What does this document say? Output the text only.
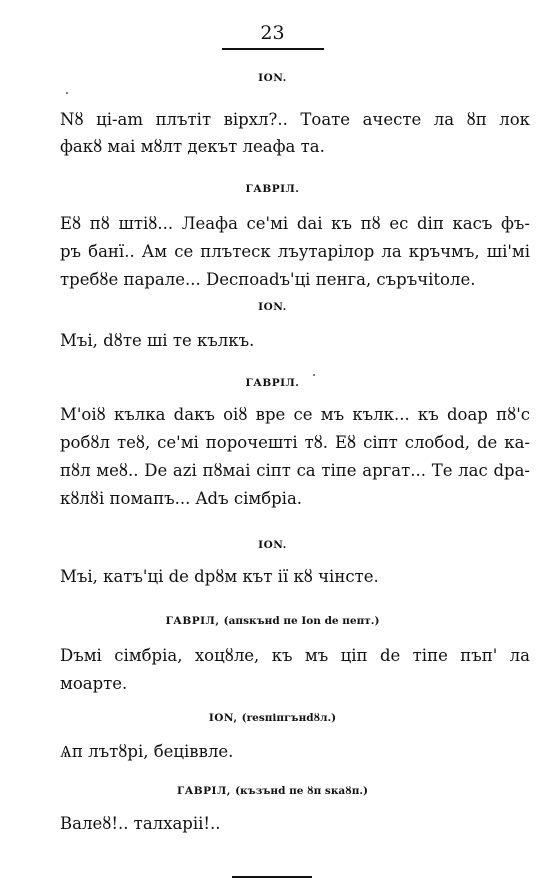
23
ION.
Nȣ ці-am плътіт вірхл?.. Тоате ачесте ла ȣп лок
факȣ маі мȣлт декът леафа та.
ГАВРІЛ.
Еȣ пȣ штіȣ... Леафа се'мі daі къ пȣ ес dіп касъ фъ-
ръ банї.. Ам се плътеск лъутарілор ла кръчмъ, ші'мі
требȣе парале... Dеспоаdъ'ці пенга, съръчіtоле.
ION.
Мъі, dȣте ші те кълкъ.
ГАВРІЛ.
M'oiȣ кълка dакъ оiȣ вре се мъ кълк... къ dоар пȣ'с
робȣл теȣ, се'мі порочешті тȣ. Еȣ сіпт слобоd, de ка-
пȣл меȣ.. De azі пȣмаі сіпт са тіпе аргат... Те лас dра-
кȣлȣі помапъ... Adъ сімбріа.
ION.
Мъі, катъ'ці de dрȣм кът іï кȣ чінсте.
ГАВРІЛ, (апѕкънd пе Ion de пепт.)
Dъмі сімбріа, хоцȣле, къ мъ ціп de тіпе пъп' ла
моарте.
ION, (resпіпгънdȣл.)
Ѧп лътȣрі, беціввле.
ГАВРІЛ, (къзънd пе ȣп ѕкаȣп.)
Валеȣ!.. талхаріі!..
